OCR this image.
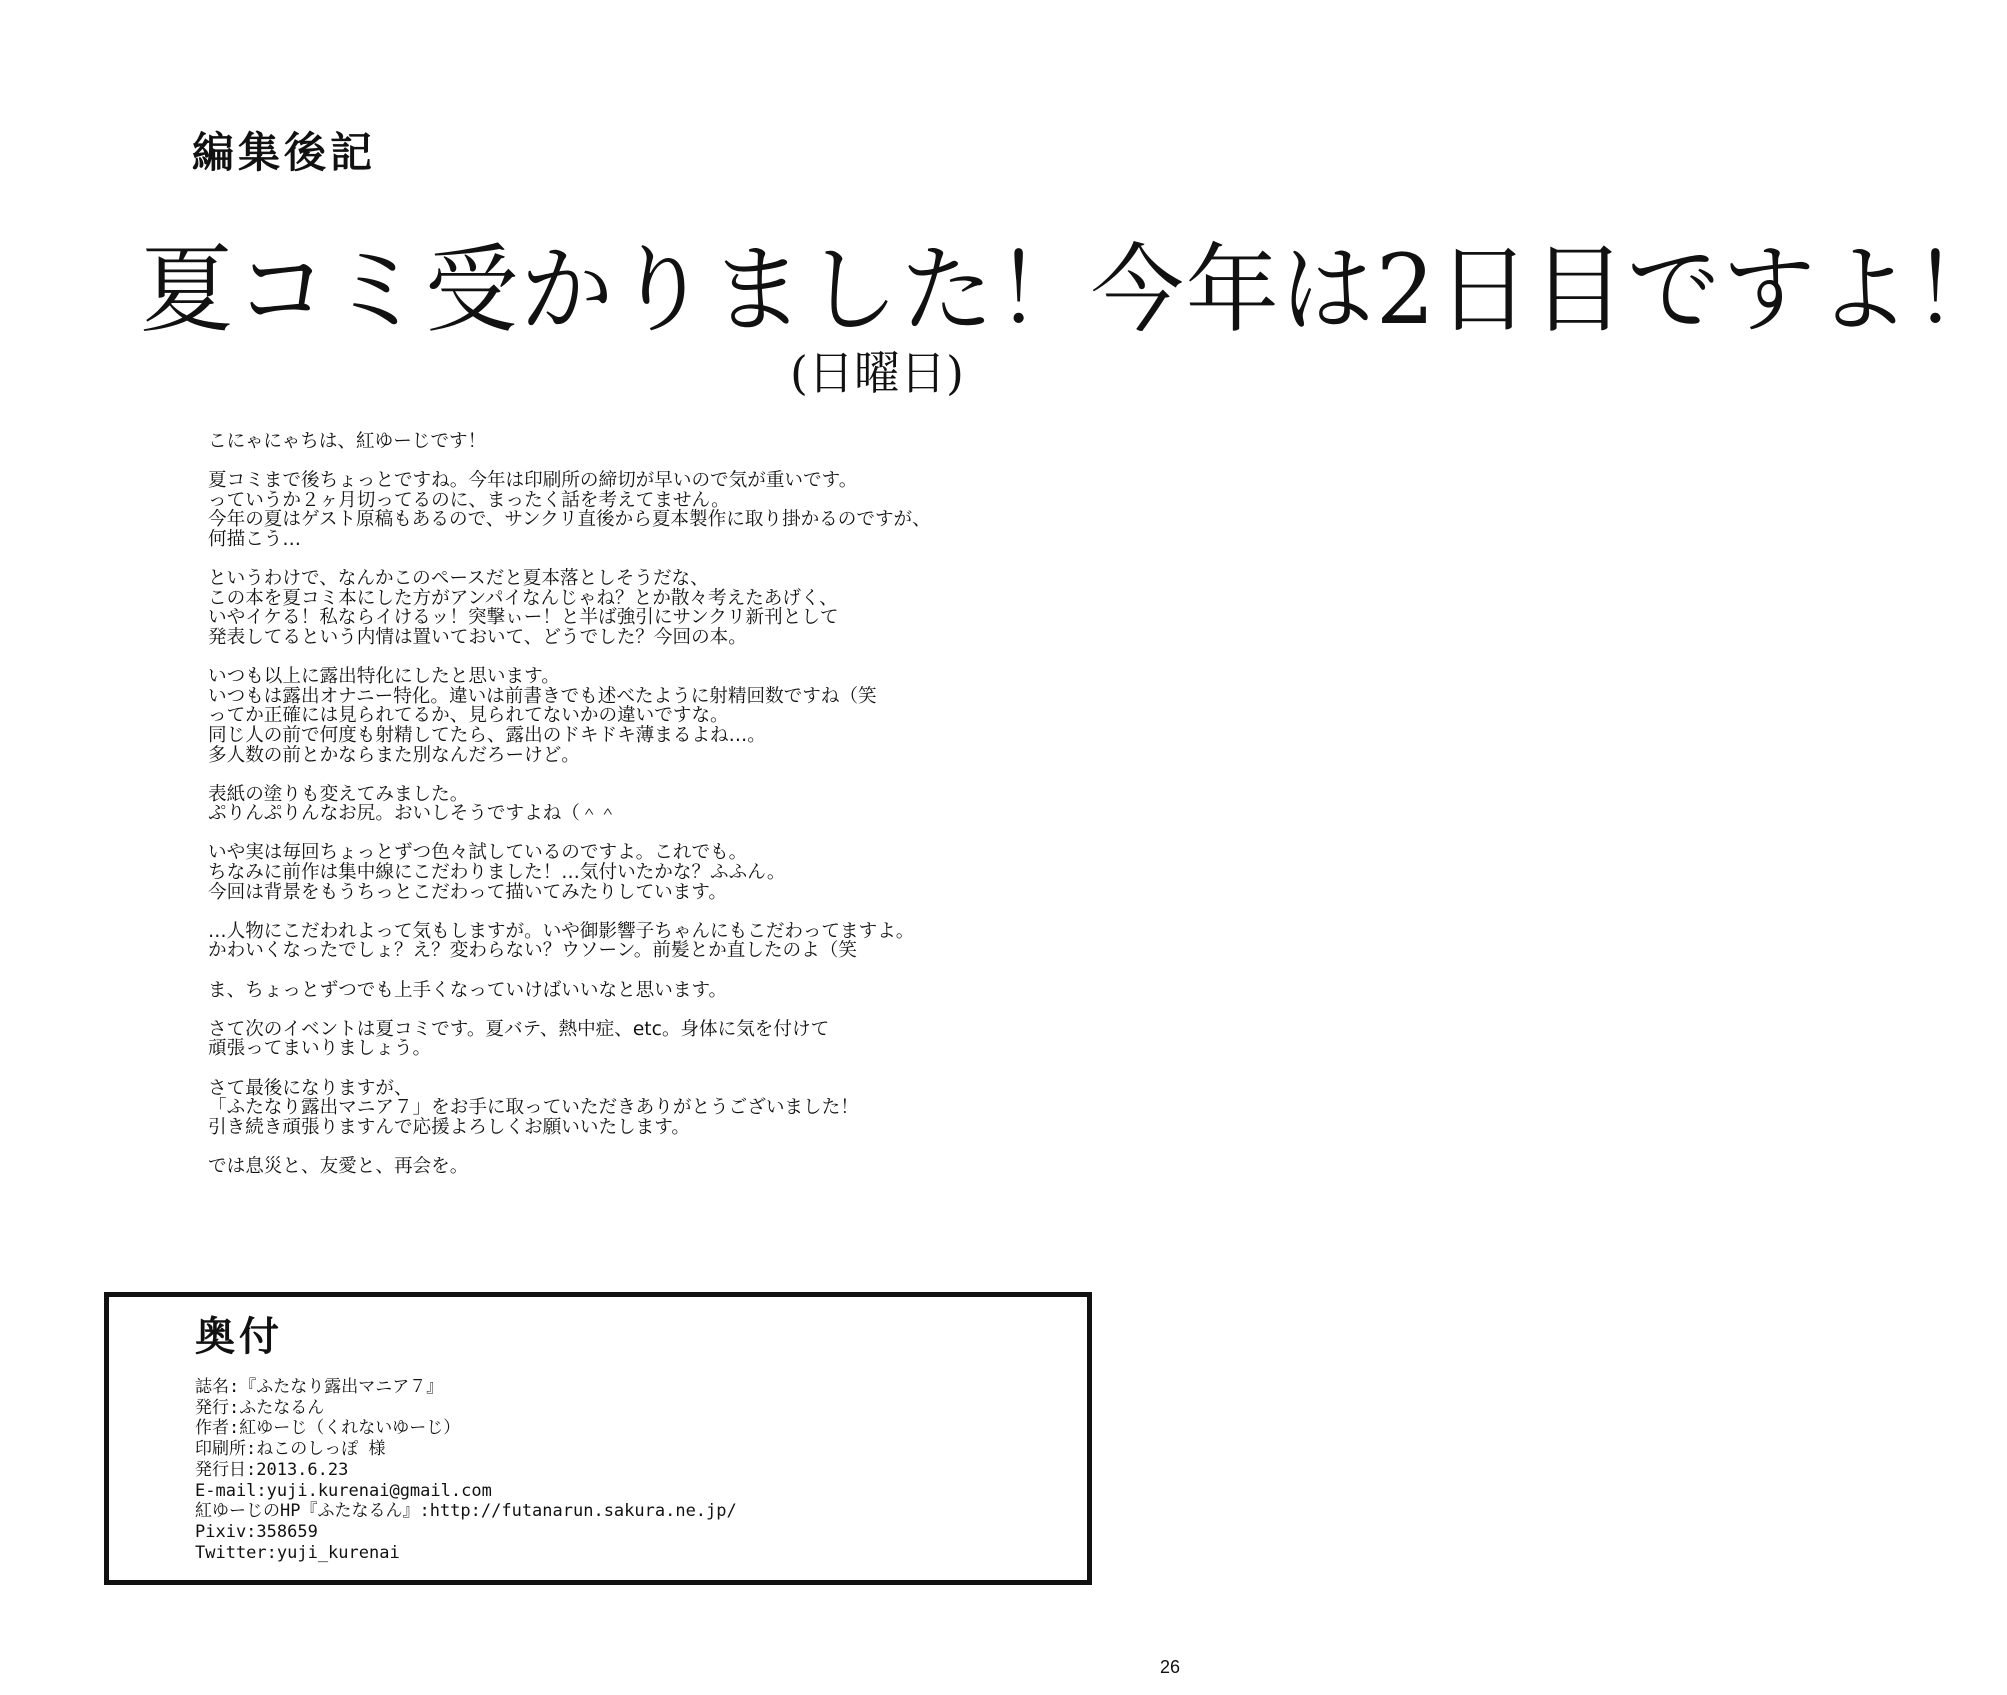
編集後記
夏コミ受かりました！今年は2日目ですよ！
(日曜日)
こにゃにゃちは、紅ゆーじです！
夏コミまで後ちょっとですね。今年は印刷所の締切が早いので気が重いです。
っていうか２ヶ月切ってるのに、まったく話を考えてません。
今年の夏はゲスト原稿もあるので、サンクリ直後から夏本製作に取り掛かるのですが、
何描こう…
というわけで、なんかこのペースだと夏本落としそうだな、
この本を夏コミ本にした方がアンパイなんじゃね？とか散々考えたあげく、
いやイケる！私ならイけるッ！突撃ぃー！と半ば強引にサンクリ新刊として
発表してるという内情は置いておいて、どうでした？今回の本。
いつも以上に露出特化にしたと思います。
いつもは露出オナニー特化。違いは前書きでも述べたように射精回数ですね（笑
ってか正確には見られてるか、見られてないかの違いですな。
同じ人の前で何度も射精してたら、露出のドキドキ薄まるよね…。
多人数の前とかならまた別なんだろーけど。
表紙の塗りも変えてみました。
ぷりんぷりんなお尻。おいしそうですよね（＾＾
いや実は毎回ちょっとずつ色々試しているのですよ。これでも。
ちなみに前作は集中線にこだわりました！…気付いたかな？ふふん。
今回は背景をもうちっとこだわって描いてみたりしています。
…人物にこだわれよって気もしますが。いや御影響子ちゃんにもこだわってますよ。
かわいくなったでしょ？え？変わらない？ウソーン。前髪とか直したのよ（笑
ま、ちょっとずつでも上手くなっていけばいいなと思います。
さて次のイベントは夏コミです。夏バテ、熱中症、etc。身体に気を付けて
頑張ってまいりましょう。
さて最後になりますが、
「ふたなり露出マニア７」をお手に取っていただきありがとうございました！
引き続き頑張りますんで応援よろしくお願いいたします。
では息災と、友愛と、再会を。
奥付
誌名:『ふたなり露出マニア７』
発行:ふたなるん
作者:紅ゆーじ（くれないゆーじ）
印刷所:ねこのしっぽ 様
発行日:2013.6.23
E-mail:yuji.kurenai@gmail.com
紅ゆーじのHP『ふたなるん』:http://futanarun.sakura.ne.jp/
Pixiv:358659
Twitter:yuji_kurenai
26
